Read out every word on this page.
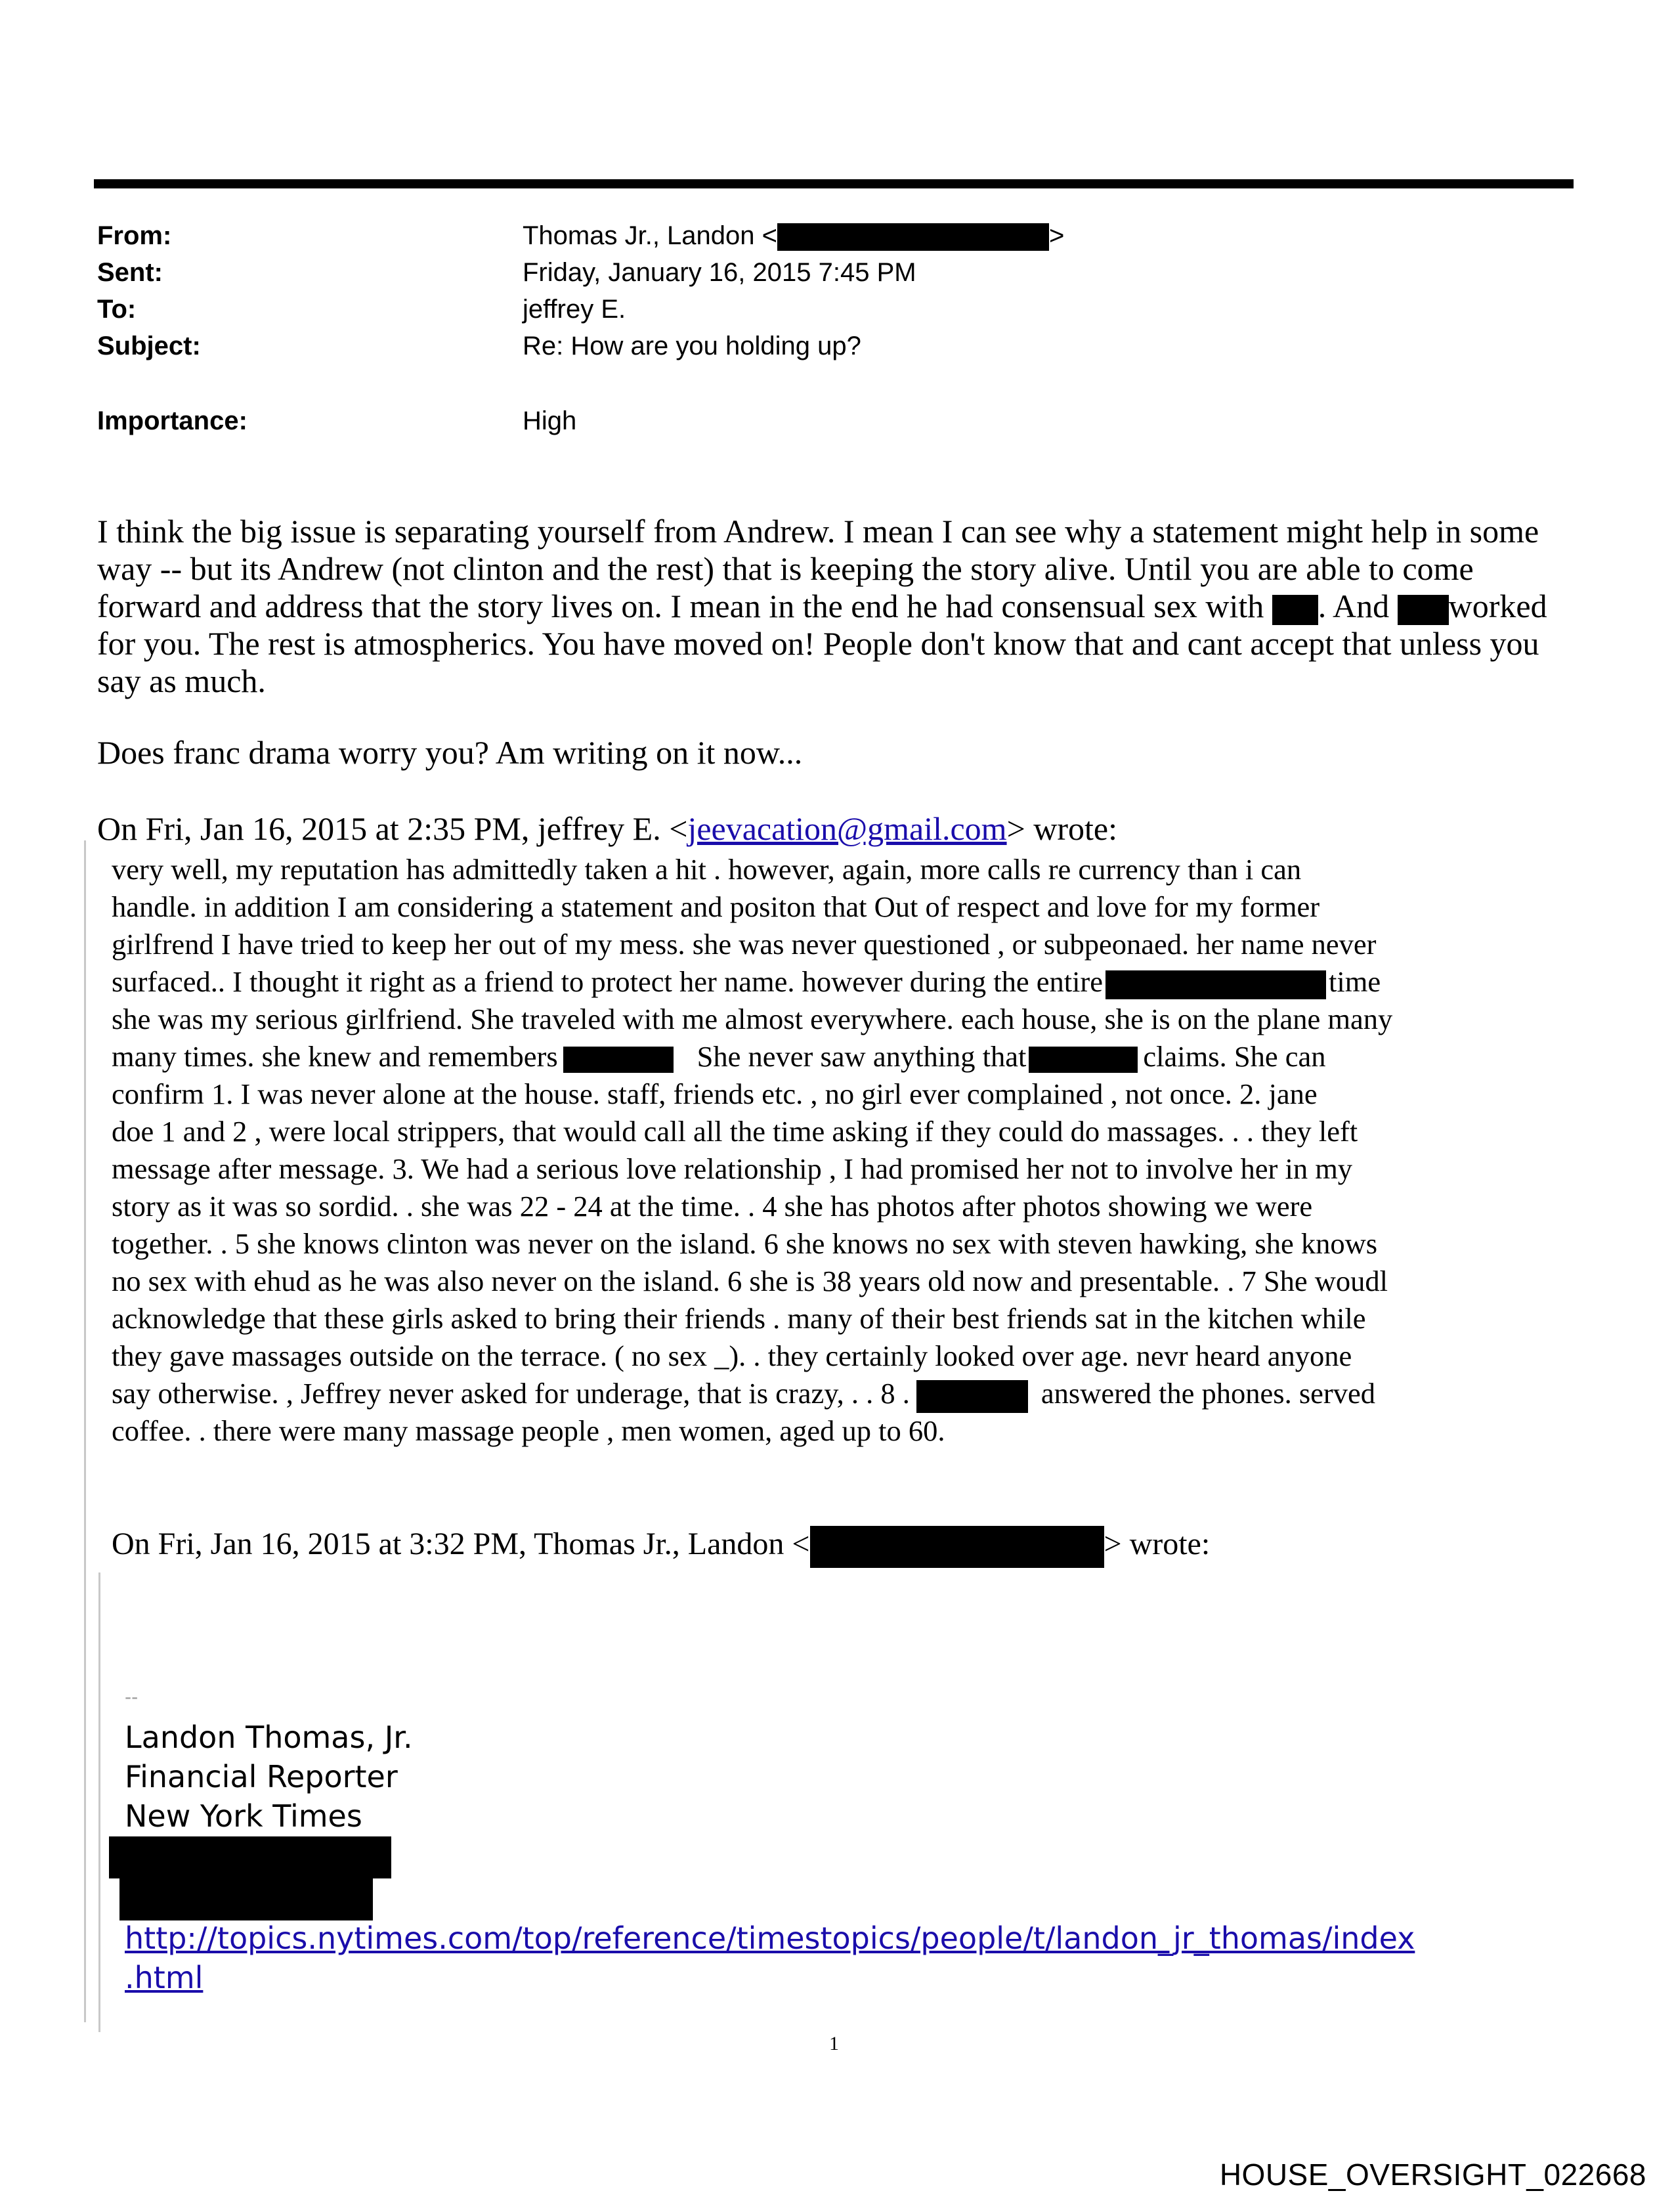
From:	Thomas Jr., Landon <	>
Sent:	Friday, January 16, 2015 7:45 PM
To:	jeffrey E.
Subject:	Re: How are you holding up?
Importance:	High
I think the big issue is separating yourself from Andrew. I mean I can see why a statement might help in some way -- but its Andrew (not clinton and the rest) that is keeping the story alive. Until you are able to come forward and address that the story lives on. I mean in the end he had consensual sex with . And worked for you. The rest is atmospherics. You have moved on! People don't know that and cant accept that unless you say as much.
Does franc drama worry you? Am writing on it now...
On Fri, Jan 16, 2015 at 2:35 PM, jeffrey E. <jeevacation@gmail.com> wrote:
very well, my reputation has admittedly taken a hit . however, again, more calls re currency than i can
handle. in addition I am considering a statement and positon that Out of respect and love for my former
girlfrend I have tried to keep her out of my mess. she was never questioned , or subpeonaed. her name never
surfaced.. I thought it right as a friend to protect her name. however during the entire	time
she was my serious girlfriend. She traveled with me almost everywhere. each house, she is on the plane many
many times. she knew and remembers	She never saw anything that	claims. She can
confirm 1. I was never alone at the house. staff, friends etc. , no girl ever complained , not once. 2. jane
doe 1 and 2 , were local strippers, that would call all the time asking if they could do massages. . . they left
message after message. 3. We had a serious love relationship , I had promised her not to involve her in my
story as it was so sordid. . she was 22 - 24 at the time. . 4 she has photos after photos showing we were
together. . 5 she knows clinton was never on the island. 6 she knows no sex with steven hawking, she knows
no sex with ehud as he was also never on the island. 6 she is 38 years old now and presentable. . 7 She woudl
acknowledge that these girls asked to bring their friends . many of their best friends sat in the kitchen while
they gave massages outside on the terrace. ( no sex _). . they certainly looked over age. nevr heard anyone
say otherwise. , Jeffrey never asked for underage, that is crazy, . . 8 .	answered the phones. served
coffee. . there were many massage people , men women, aged up to 60.
On Fri, Jan 16, 2015 at 3:32 PM, Thomas Jr., Landon <	> wrote:
--
Landon Thomas, Jr.
Financial Reporter
New York Times
http://topics.nytimes.com/top/reference/timestopics/people/t/landon_jr_thomas/index
.html
1
HOUSE_OVERSIGHT_022668
